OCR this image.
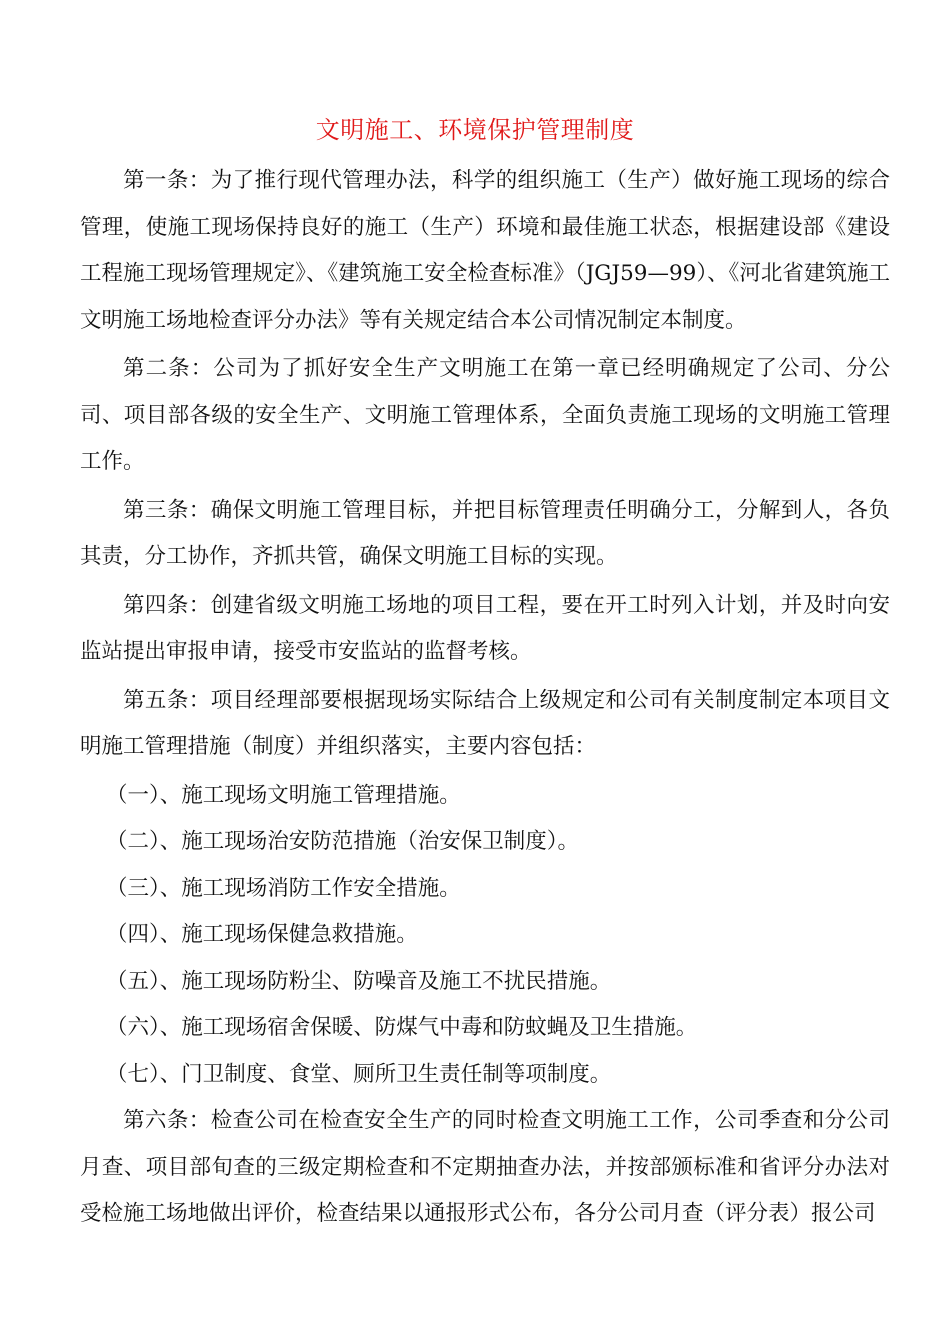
文明施工、环境保护管理制度

第一条：为了推行现代管理办法，科学的组织施工（生产）做好施工现场的综合管理，使施工现场保持良好的施工（生产）环境和最佳施工状态，根据建设部《建设工程施工现场管理规定》、《建筑施工安全检查标准》（JGJ59—99）、《河北省建筑施工文明施工场地检查评分办法》等有关规定结合本公司情况制定本制度。

第二条：公司为了抓好安全生产文明施工在第一章已经明确规定了公司、分公司、项目部各级的安全生产、文明施工管理体系，全面负责施工现场的文明施工管理工作。

第三条：确保文明施工管理目标，并把目标管理责任明确分工，分解到人，各负其责，分工协作，齐抓共管，确保文明施工目标的实现。

第四条：创建省级文明施工场地的项目工程，要在开工时列入计划，并及时向安监站提出审报申请，接受市安监站的监督考核。

第五条：项目经理部要根据现场实际结合上级规定和公司有关制度制定本项目文明施工管理措施（制度）并组织落实，主要内容包括：

（一）、施工现场文明施工管理措施。
（二）、施工现场治安防范措施（治安保卫制度）。
（三）、施工现场消防工作安全措施。
（四）、施工现场保健急救措施。
（五）、施工现场防粉尘、防噪音及施工不扰民措施。
（六）、施工现场宿舍保暖、防煤气中毒和防蚊蝇及卫生措施。
（七）、门卫制度、食堂、厕所卫生责任制等项制度。

第六条：检查公司在检查安全生产的同时检查文明施工工作，公司季查和分公司月查、项目部旬查的三级定期检查和不定期抽查办法，并按部颁标准和省评分办法对受检施工场地做出评价，检查结果以通报形式公布，各分公司月查（评分表）报公司
